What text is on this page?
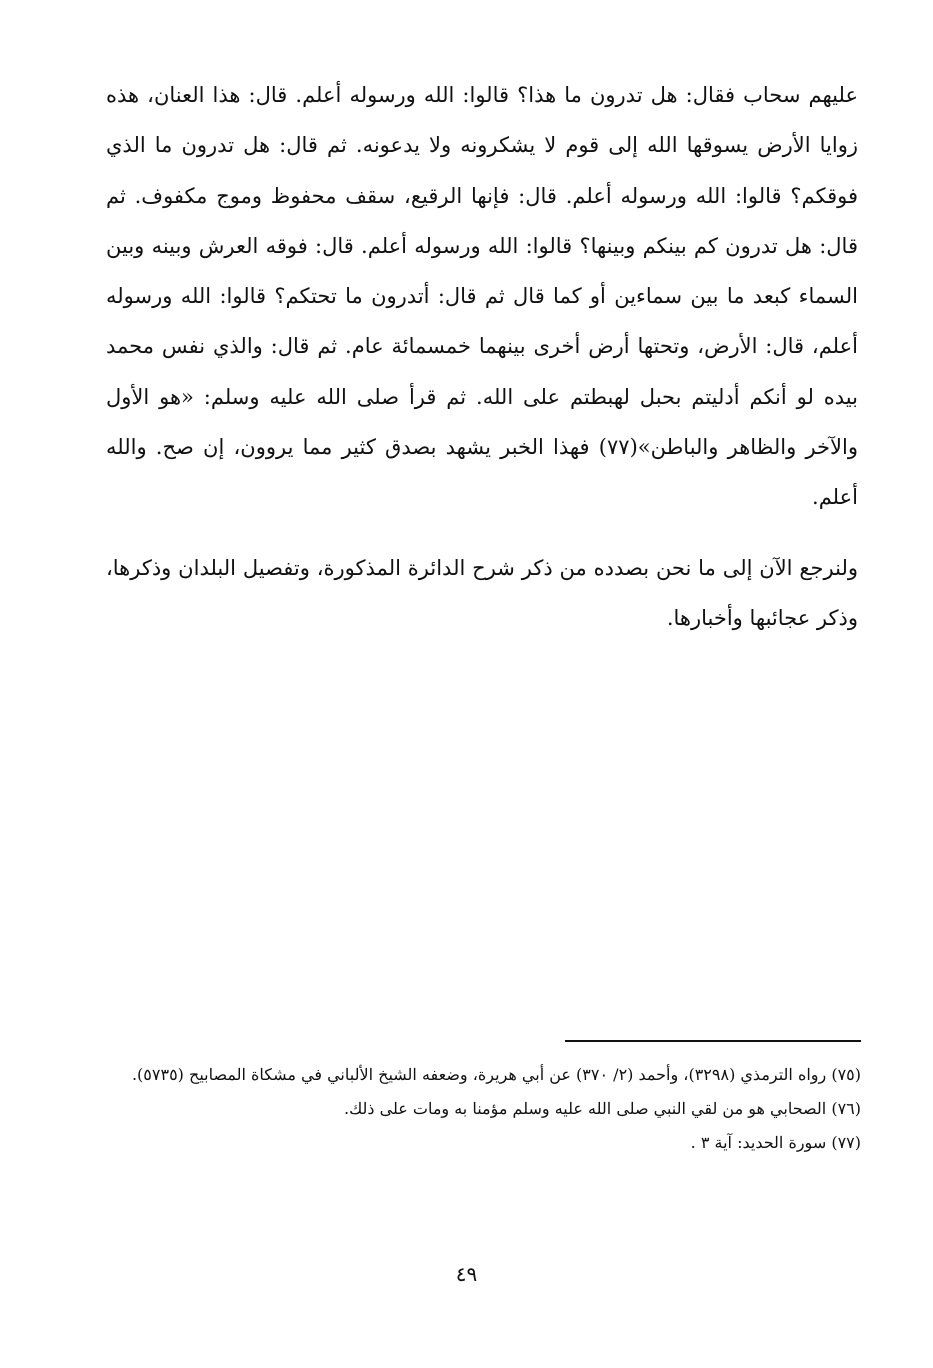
عليهم سحاب فقال: هل تدرون ما هذا؟ قالوا: الله ورسوله أعلم. قال: هذا العنان، هذه زوايا الأرض يسوقها الله إلى قوم لا يشكرونه ولا يدعونه. ثم قال: هل تدرون ما الذي فوقكم؟ قالوا: الله ورسوله أعلم. قال: فإنها الرقيع، سقف محفوظ وموج مكفوف. ثم قال: هل تدرون كم بينكم وبينها؟ قالوا: الله ورسوله أعلم. قال: فوقه العرش وبينه وبين السماء كبعد ما بين سماءين أو كما قال ثم قال: أتدرون ما تحتكم؟ قالوا: الله ورسوله أعلم، قال: الأرض، وتحتها أرض أخرى بينهما خمسمائة عام. ثم قال: والذي نفس محمد بيده لو أنكم أدليتم بحبل لهبطتم على الله. ثم قرأ صلى الله عليه وسلم: «هو الأول والآخر والظاهر والباطن»(٧٧) فهذا الخبر يشهد بصدق كثير مما يروون، إن صح. والله أعلم.

ولنرجع الآن إلى ما نحن بصدده من ذكر شرح الدائرة المذكورة، وتفصيل البلدان وذكرها، وذكر عجائبها وأخبارها.

(٧٥) رواه الترمذي (٣٢٩٨)، وأحمد (٢/ ٣٧٠) عن أبي هريرة، وضعفه الشيخ الألباني في مشكاة المصابيح (٥٧٣٥).

(٧٦) الصحابي هو من لقي النبي صلى الله عليه وسلم مؤمنا به ومات على ذلك.

(٧٧) سورة الحديد: آية ٣ .

٤٩
